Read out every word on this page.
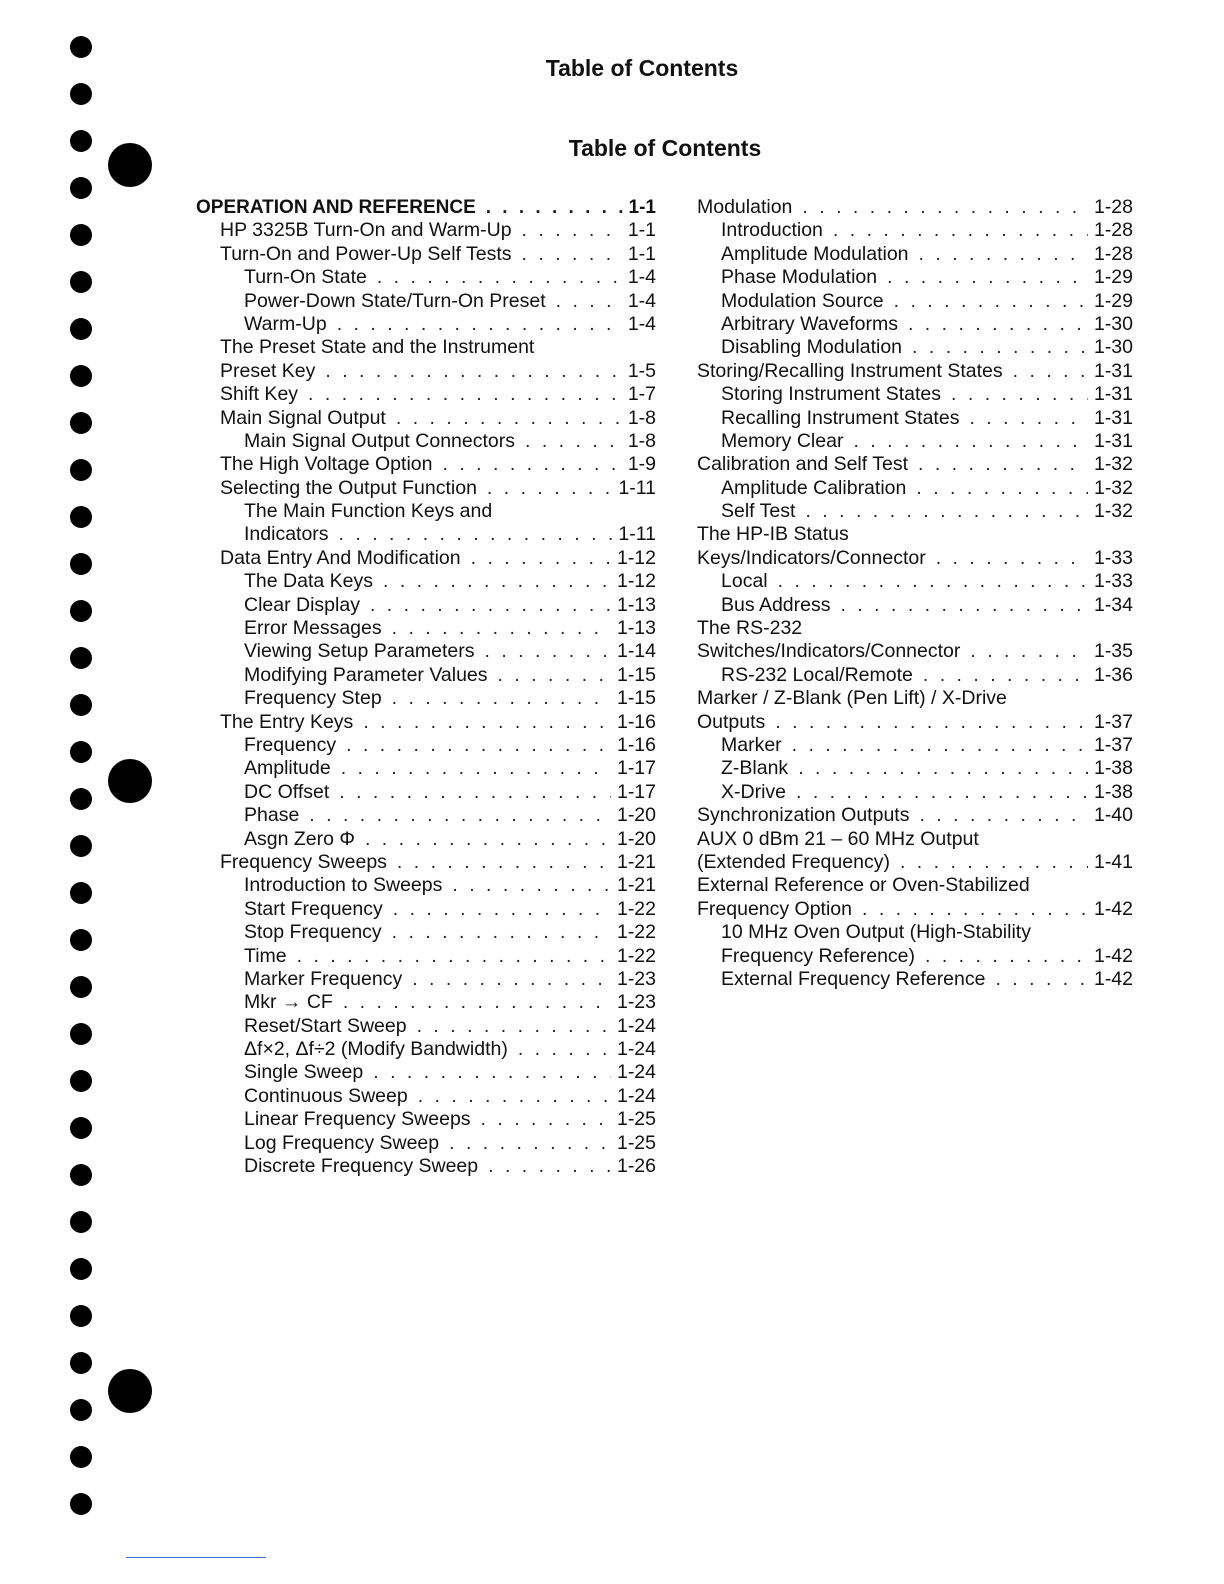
Table of Contents
Table of Contents
OPERATION AND REFERENCE . . .	1-1
HP 3325B Turn-On and Warm-Up . . .	1-1
Turn-On and Power-Up Self Tests . . .	1-1
Turn-On State . . .	1-4
Power-Down State/Turn-On Preset . . .	1-4
Warm-Up . . .	1-4
The Preset State and the Instrument
Preset Key . . .	1-5
Shift Key . . .	1-7
Main Signal Output . . .	1-8
Main Signal Output Connectors . . .	1-8
The High Voltage Option . . .	1-9
Selecting the Output Function . . .	1-11
The Main Function Keys and
Indicators . . .	1-11
Data Entry And Modification . . .	1-12
The Data Keys . . .	1-12
Clear Display . . .	1-13
Error Messages . . .	1-13
Viewing Setup Parameters . . .	1-14
Modifying Parameter Values . . .	1-15
Frequency Step . . .	1-15
The Entry Keys . . .	1-16
Frequency . . .	1-16
Amplitude . . .	1-17
DC Offset . . .	1-17
Phase . . .	1-20
Asgn Zero Φ . . .	1-20
Frequency Sweeps . . .	1-21
Introduction to Sweeps . . .	1-21
Start Frequency . . .	1-22
Stop Frequency . . .	1-22
Time . . .	1-22
Marker Frequency . . .	1-23
Mkr → CF . . .	1-23
Reset/Start Sweep . . .	1-24
Δf×2, Δf÷2 (Modify Bandwidth) . . .	1-24
Single Sweep . . .	1-24
Continuous Sweep . . .	1-24
Linear Frequency Sweeps . . .	1-25
Log Frequency Sweep . . .	1-25
Discrete Frequency Sweep . . .	1-26
Modulation . . .	1-28
Introduction . . .	1-28
Amplitude Modulation . . .	1-28
Phase Modulation . . .	1-29
Modulation Source . . .	1-29
Arbitrary Waveforms . . .	1-30
Disabling Modulation . . .	1-30
Storing/Recalling Instrument States . . .	1-31
Storing Instrument States . . .	1-31
Recalling Instrument States . . .	1-31
Memory Clear . . .	1-31
Calibration and Self Test . . .	1-32
Amplitude Calibration . . .	1-32
Self Test . . .	1-32
The HP-IB Status
Keys/Indicators/Connector . . .	1-33
Local . . .	1-33
Bus Address . . .	1-34
The RS-232
Switches/Indicators/Connector . . .	1-35
RS-232 Local/Remote . . .	1-36
Marker / Z-Blank (Pen Lift) / X-Drive
Outputs . . .	1-37
Marker . . .	1-37
Z-Blank . . .	1-38
X-Drive . . .	1-38
Synchronization Outputs . . .	1-40
AUX 0 dBm 21 – 60 MHz Output
(Extended Frequency) . . .	1-41
External Reference or Oven-Stabilized
Frequency Option . . .	1-42
10 MHz Oven Output (High-Stability
Frequency Reference) . . .	1-42
External Frequency Reference . . .	1-42
